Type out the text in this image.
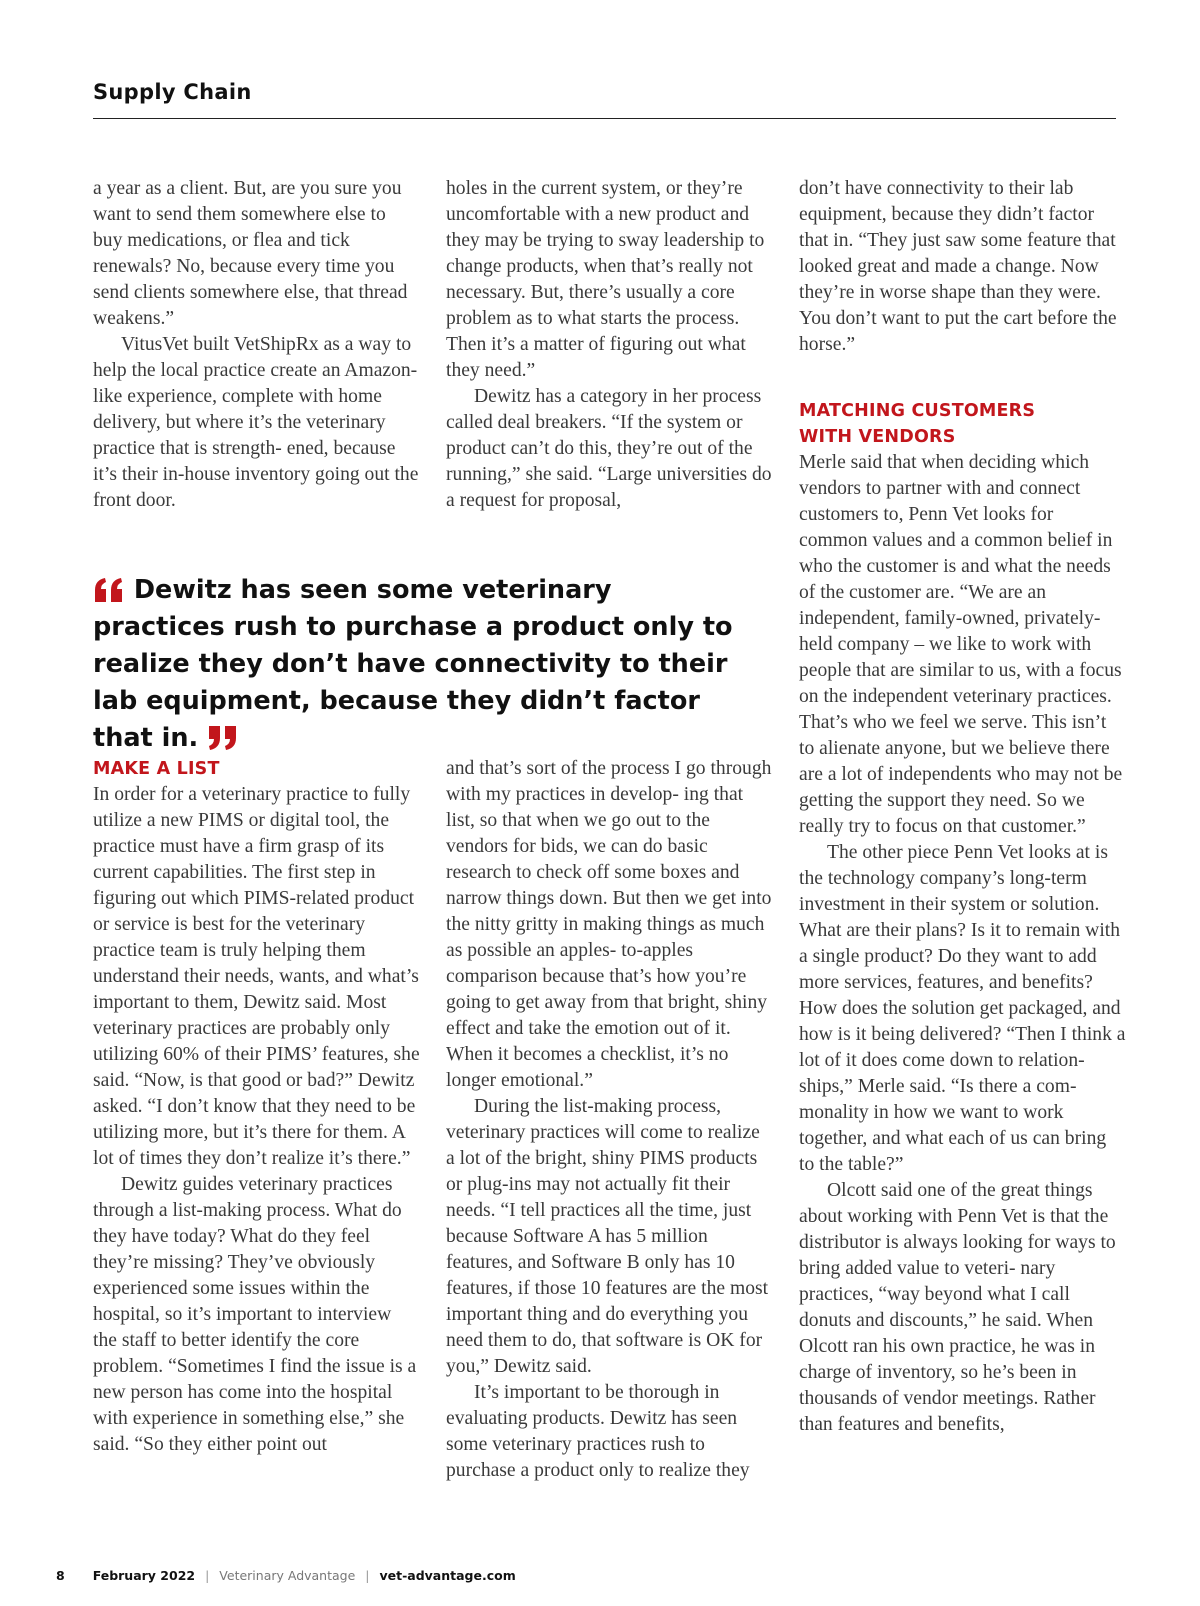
Supply Chain

a year as a client. But, are you sure you want to send them somewhere else to buy medications, or flea and tick renewals? No, because every time you send clients somewhere else, that thread weakens.”

VitusVet built VetShipRx as a way to help the local practice create an Amazon-like experience, complete with home delivery, but where it’s the veterinary practice that is strength- ened, because it’s their in-house inventory going out the front door.

holes in the current system, or they’re uncomfortable with a new product and they may be trying to sway leadership to change products, when that’s really not necessary. But, there’s usually a core problem as to what starts the process. Then it’s a matter of figuring out what they need.”

Dewitz has a category in her process called deal breakers. “If the system or product can’t do this, they’re out of the running,” she said. “Large universities do a request for proposal,

don’t have connectivity to their lab equipment, because they didn’t factor that in. “They just saw some feature that looked great and made a change. Now they’re in worse shape than they were. You don’t want to put the cart before the horse.”

MATCHING CUSTOMERS
WITH VENDORS

Merle said that when deciding which vendors to partner with and connect customers to, Penn Vet looks for common values and a common belief in who the customer is and what the needs of the customer are. “We are an independent, family-owned, privately- held company – we like to work with people that are similar to us, with a focus on the independent veterinary practices. That’s who we feel we serve. This isn’t to alienate anyone, but we believe there are a lot of independents who may not be getting the support they need. So we really try to focus on that customer.”

The other piece Penn Vet looks at is the technology company’s long-term investment in their system or solution. What are their plans? Is it to remain with a single product? Do they want to add more services, features, and benefits? How does the solution get packaged, and how is it being delivered? “Then I think a lot of it does come down to relation- ships,” Merle said. “Is there a com- monality in how we want to work together, and what each of us can bring to the table?”

Olcott said one of the great things about working with Penn Vet is that the distributor is always looking for ways to bring added value to veteri- nary practices, “way beyond what I call donuts and discounts,” he said. When Olcott ran his own practice, he was in charge of inventory, so he’s been in thousands of vendor meetings. Rather than features and benefits,

Dewitz has seen some veterinary practices rush to purchase a product only to realize they don’t have connectivity to their lab equipment, because they didn’t factor that in.
MAKE A LIST

In order for a veterinary practice to fully utilize a new PIMS or digital tool, the practice must have a firm grasp of its current capabilities. The first step in figuring out which PIMS-related product or service is best for the veterinary practice team is truly helping them understand their needs, wants, and what’s important to them, Dewitz said. Most veterinary practices are probably only utilizing 60% of their PIMS’ features, she said. “Now, is that good or bad?” Dewitz asked. “I don’t know that they need to be utilizing more, but it’s there for them. A lot of times they don’t realize it’s there.”

Dewitz guides veterinary practices through a list-making process. What do they have today? What do they feel they’re missing? They’ve obviously experienced some issues within the hospital, so it’s important to interview the staff to better identify the core problem. “Sometimes I find the issue is a new person has come into the hospital with experience in something else,” she said. “So they either point out

and that’s sort of the process I go through with my practices in develop- ing that list, so that when we go out to the vendors for bids, we can do basic research to check off some boxes and narrow things down. But then we get into the nitty gritty in making things as much as possible an apples- to-apples comparison because that’s how you’re going to get away from that bright, shiny effect and take the emotion out of it. When it becomes a checklist, it’s no longer emotional.”

During the list-making process, veterinary practices will come to realize a lot of the bright, shiny PIMS products or plug-ins may not actually fit their needs. “I tell practices all the time, just because Software A has 5 million features, and Software B only has 10 features, if those 10 features are the most important thing and do everything you need them to do, that software is OK for you,” Dewitz said.

It’s important to be thorough in evaluating products. Dewitz has seen some veterinary practices rush to purchase a product only to realize they

8 February 2022 | Veterinary Advantage | vet-advantage.com
